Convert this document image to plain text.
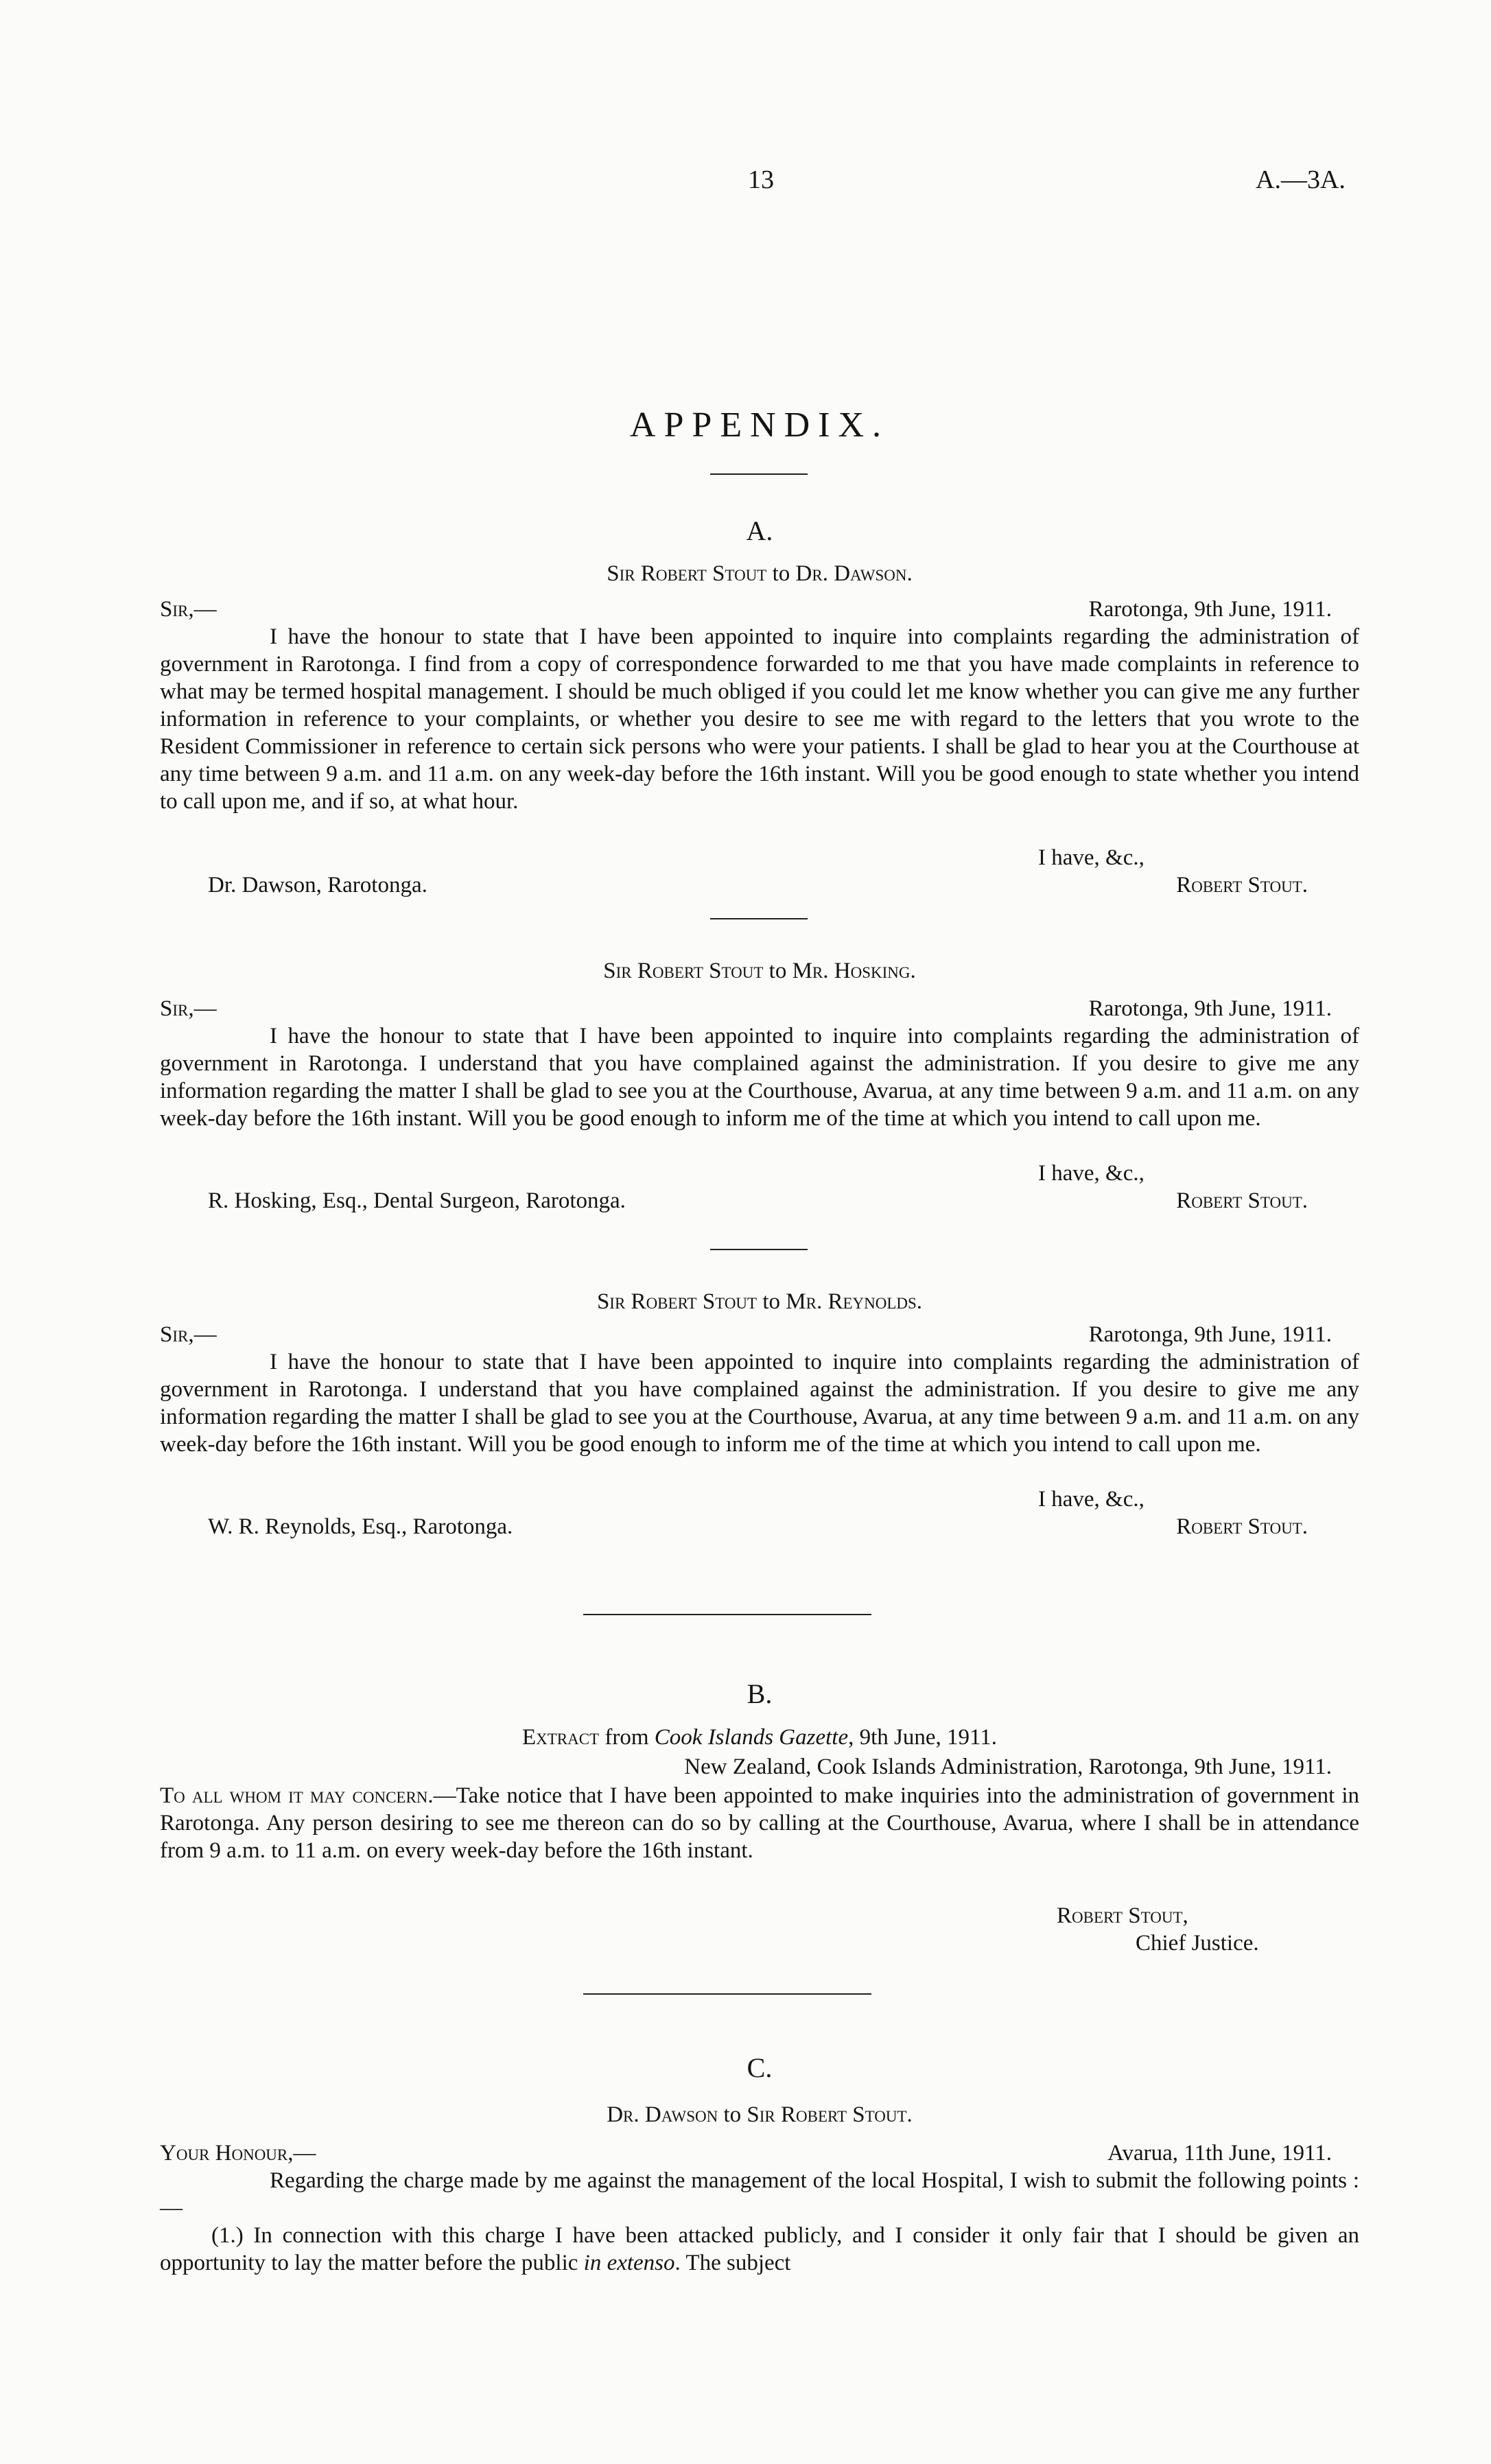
13	A.—3A.
APPENDIX.
A.
Sir Robert Stout to Dr. Dawson.
Sir,—	Rarotonga, 9th June, 1911.
I have the honour to state that I have been appointed to inquire into complaints regarding the administration of government in Rarotonga. I find from a copy of correspondence forwarded to me that you have made complaints in reference to what may be termed hospital management. I should be much obliged if you could let me know whether you can give me any further information in reference to your complaints, or whether you desire to see me with regard to the letters that you wrote to the Resident Commissioner in reference to certain sick persons who were your patients. I shall be glad to hear you at the Courthouse at any time between 9 a.m. and 11 a.m. on any week-day before the 16th instant. Will you be good enough to state whether you intend to call upon me, and if so, at what hour.
I have, &c.,
Dr. Dawson, Rarotonga.	Robert Stout.
Sir Robert Stout to Mr. Hosking.
Sir,—	Rarotonga, 9th June, 1911.
I have the honour to state that I have been appointed to inquire into complaints regarding the administration of government in Rarotonga. I understand that you have complained against the administration. If you desire to give me any information regarding the matter I shall be glad to see you at the Courthouse, Avarua, at any time between 9 a.m. and 11 a.m. on any week-day before the 16th instant. Will you be good enough to inform me of the time at which you intend to call upon me.
I have, &c.,
R. Hosking, Esq., Dental Surgeon, Rarotonga.	Robert Stout.
Sir Robert Stout to Mr. Reynolds.
Sir,—	Rarotonga, 9th June, 1911.
I have the honour to state that I have been appointed to inquire into complaints regarding the administration of government in Rarotonga. I understand that you have complained against the administration. If you desire to give me any information regarding the matter I shall be glad to see you at the Courthouse, Avarua, at any time between 9 a.m. and 11 a.m. on any week-day before the 16th instant. Will you be good enough to inform me of the time at which you intend to call upon me.
I have, &c.,
W. R. Reynolds, Esq., Rarotonga.	Robert Stout.
B.
Extract from Cook Islands Gazette, 9th June, 1911.
New Zealand, Cook Islands Administration, Rarotonga, 9th June, 1911.
To all whom it may concern.—Take notice that I have been appointed to make inquiries into the administration of government in Rarotonga. Any person desiring to see me thereon can do so by calling at the Courthouse, Avarua, where I shall be in attendance from 9 a.m. to 11 a.m. on every week-day before the 16th instant.
Robert Stout,
Chief Justice.
C.
Dr. Dawson to Sir Robert Stout.
Your Honour,—	Avarua, 11th June, 1911.
Regarding the charge made by me against the management of the local Hospital, I wish to submit the following points :—
(1.) In connection with this charge I have been attacked publicly, and I consider it only fair that I should be given an opportunity to lay the matter before the public in extenso. The subject
